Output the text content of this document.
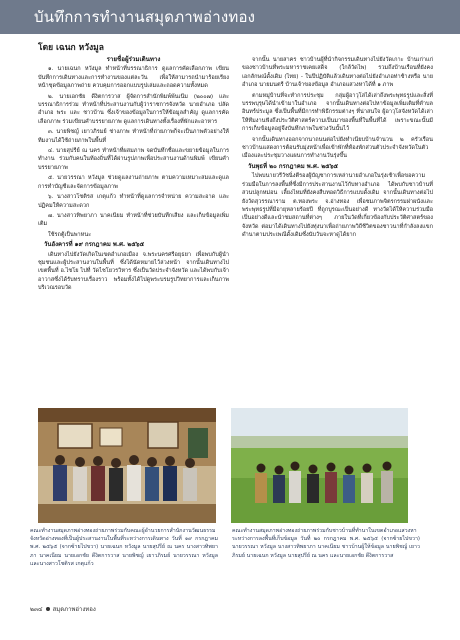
บันทึกการทำงานสมุดภาพอ่างทอง
โดย เฉนก หวังมูล
รายชื่อผู้ร่วมเดินทาง

๑. นายเฉนก หวังมูล ทำหน้าที่บรรณาธิการ ดูแลการคัดเลือกภาพ เขียนบันทึกการเดินทางและการทำงานของแต่ละวัน เพื่อให้สามารถนำมาร้อยเรียงหน้าชุดข้อมูลภาพถ่าย ควบคุมการออกแบบรูปเล่มและถอดความทั้งหมด

๒. นายเอกชัย ดีงิตการวาส ผู้จัดการสำนักพิมพ์พ้นเนีม (๒๐๐๗) และบรรณาธิการร่วม ทำหน้าที่ประสานงานกับผู้ว่าราชการจังหวัด นายอำเภอ ปลัดอำเภอ พระ และ ชาวบ้าน ซึ่งเจ้าของข้อมูลในการให้ข้อมูลสำคัญ ดูแลการคัดเลือกภาพ ร่วมเขียนคำบรรยายภาพ ดูแลการเดินทางทั้งเรื่องที่พักและอาหาร

๓. นายพิชญ์ เยาวภิรมย์ ช่างภาพ ทำหน้าที่ถ่ายภาพก็จะเป็นภาพตัวอย่างให้ทีมงานได้ใช้ถ่ายภาพในพื้นที่

๔. นายสุปรีย์ ณ นคร ทำหน้าที่ผสมภาพ จดบันทึกชื่อและขยายข้อมูลในการทำงาน ร่วมกับคนในท้องถิ่นที่ได้ผ่านรูปภาพเพื่อประสานงานด้านพิมพ์ เขียนคำบรรยายภาพ

๕. นายวรรณา หวังมูล ช่วยดูแลงานถ่ายภาพ ตามความเหมาะสมและดูแลการทำบัญชีและจัดการข้อมูลภาพ

๖. นางสาวโชติรส เกตุแก้ว ทำหน้าที่ดูแลการจำหน่าย ความสะอาด และปฏิคมให้ความสะดวก

๗. นางสาวทิพยาภา นาคเนียม ทำหน้าที่ช่วยบันทึกเสียง และเก็บข้อมูลเพิ่มเติม

ใช้รถตู้เป็นพาหนะ

วันอังคารที่ ๑๙ กรกฎาคม พ.ศ. ๒๕๖๕

เดินทางไปยังวัดเกิดในเขตอำเภอเมือง จ.พระนครศรีอยุธยา เพื่อพบกับผู้นำชุมชนและผู้ประสานงานในพื้นที่ ซึ่งได้นัดหมายไว้ล่วงหน้า จากนั้นเดินทางไปเขตพื้นที่ อ.ไชโย ไปที่ วัดไชโยวรวิหาร ซึ่งเป็นวัดประจำจังหวัด และได้พบกับเจ้าอาวาสซึ่งได้รับทราบเรื่องราว พร้อมทั้งได้ไปดูพระบรมรูปวิทยาการและเก็บภาพบริเวณรอบวัด

จากนั้น นายสาคร ชาวบ้านผู้ที่นำกิจกรรมเดินทางไปยังวัดเกาะ บ้านเก่าแก่ของชาวบ้านที่พระมหาราชเคยเสด็จ (ใกล้วัดไพ) รวมถึงบ้านเรือนที่ยังคงเอกลักษณ์ดั้งเดิม (ไทย) - ในปีปฏิบัติแล้วเดินทางต่อไปยังอำเภอท่าช้างหรือ นายอำเภอ นายมนตรี บ้านเจ้าของข้อมูล อำเภอแสวงหาได้ที่ ๑ ภาพ

ตามหมู่บ้านที่จะทำการประชุม กลุ่มผู้อาวุโสได้เล่าถึงพระพุทธรูปและสิ่งที่บรรพบุรุษได้นำเข้ามาในอำเภอ จากนั้นเดินทางต่อไปหาข้อมูลเพิ่มเติมที่ตำบลอินทร์ประมูล ซึ่งเป็นพื้นที่มีการทำพิธีกรรมต่างๆ ที่น่าสนใจ ผู้อาวุโสจังหวัดได้เล่าให้ทีมงานฟังถึงประวัติศาสตร์ความเป็นมาของพื้นที่ในพื้นที่ได้ เพราะขณะนั้นมีการเก็บข้อมูลอยู่จึงบันทึกภาพในช่วงวันนั้นไว้

จากนั้นเดินทางออกจากนาถนนต่อไปยังทำเนียบบ้านจำนวน ๒ ครัวเรือน ชาวบ้านแสดงการต้อนรับมุ่งหน้าเพื่อเข้าพักที่ห้องพักส่วนตัวประจำจังหวัดในตัวเมืองและประชุมวางแผนการทำงานวันรุ่งขึ้น

วันพุธที่ ๒๐ กรกฎาคม พ.ศ. ๒๕๖๕

ไปพบนายวรีวัชนิ่งตีรองผู้บัญชาการเหล่านายอำเภอในรุ่งเช้าเพื่อขอความร่วมมือในการลงพื้นที่ซึ่งมีการประสานงานไว้กับทางอำเภอ ได้พบกับชาวบ้านที่สวนปลูกหม่อน เลี้ยงไหมที่ยังคงสืบทอดวิธีการแบบดั้งเดิม จากนั้นเดินทางต่อไปยังวัดสุวรรณาราม ต.ทองพระ จ.อ่างทอง เพื่อชมภาพจิตรกรรมฝาผนังและพระพุทธรูปที่มีอายุหลายร้อยปี ที่ถูกบูรณะเป็นอย่างดี ทางวัดได้ให้ความร่วมมือเป็นอย่างดีและนำชมสถานที่ต่างๆ ภายในวัดที่เกี่ยวข้องกับประวัติศาสตร์ของจังหวัด ต่อมาได้เดินทางไปยังทุ่งนาเพื่อถ่ายภาพวิถีชีวิตของชาวนาที่กำลังลงแขกดำนาตามประเพณีดั้งเดิมซึ่งนับวันจะหาดูได้ยาก

คณะทำงานสมุดภาพอ่างทองถ่ายภาพร่วมกับคณะผู้อำนวยการสำนักงานวัฒนธรรมจังหวัดอ่างทองที่เป็นผู้ประสานงานในพื้นที่ระหว่างการเดินทาง วันที่ ๑๙ กรกฎาคม พ.ศ. ๒๕๖๕ (จากซ้ายไปขวา) นายเฉนก หวังมูล นายสุปรีย์ ณ นคร นางสาวทิพยาภา นาคเนียม นายเอกชัย ดีงิตการวาส นายพิชญ์ เยาวภิรมย์ นายวรรณา หวังมูล และนางสาวโชติรส เกตุแก้ว
คณะทำงานสมุดภาพอ่างทองถ่ายภาพร่วมกับชาวบ้านที่ทำนาในเขตอำเภอแสวงหา ระหว่างการลงพื้นที่เก็บข้อมูล วันที่ ๒๐ กรกฎาคม พ.ศ. ๒๕๖๕ (จากซ้ายไปขวา) นายวรรณา หวังมูล นางสาวทิพยาภา นาคเนียม ชาวบ้านผู้ให้ข้อมูล นายพิชญ์ เยาวภิรมย์ นายเฉนก หวังมูล นายสุปรีย์ ณ นคร และนายเอกชัย ดีงิตการวาส
๒๓๔ สมุดภาพอ่างทอง
